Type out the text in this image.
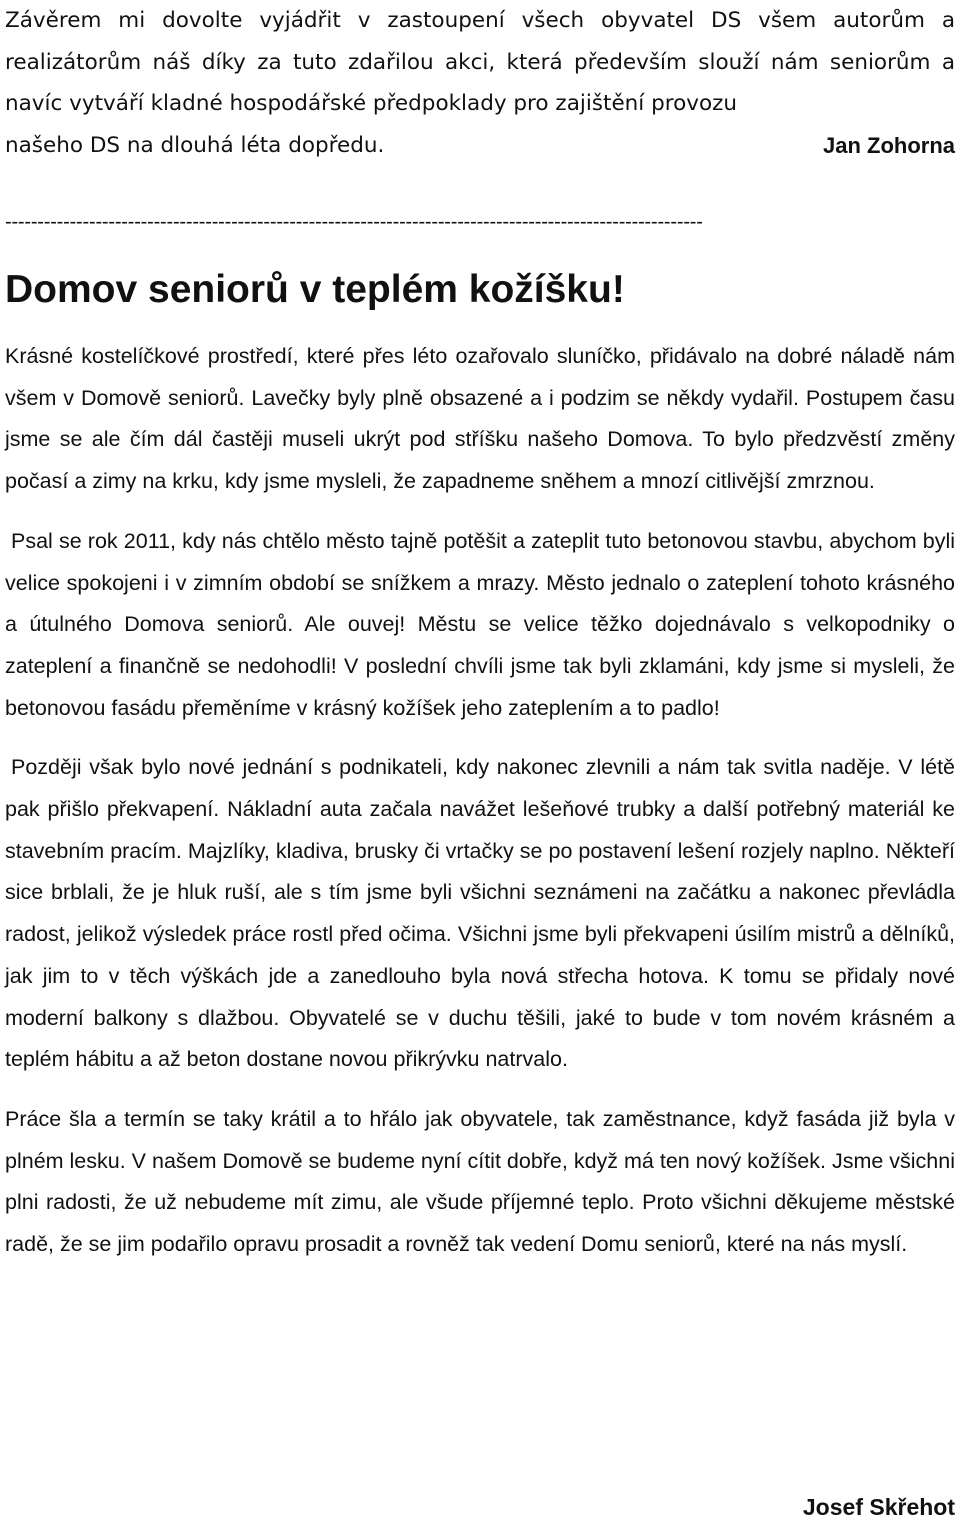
Závěrem mi dovolte vyjádřit v zastoupení všech obyvatel DS všem autorům a realizátorům náš díky za tuto zdařilou akci, která především slouží nám seniorům a navíc vytváří kladné hospodářské předpoklady pro zajištění provozu

našeho DS na dlouhá léta dopředu.	Jan Zohorna
------------------------------------------------------------------------------------------------------------
Domov seniorů v teplém kožíšku!

Krásné kostelíčkové prostředí, které přes léto ozařovalo sluníčko, přidávalo na dobré náladě nám všem v Domově seniorů. Lavečky byly plně obsazené a i podzim se někdy vydařil. Postupem času jsme se ale čím dál častěji museli ukrýt pod stříšku našeho Domova. To bylo předzvěstí změny počasí a zimy na krku, kdy jsme mysleli, že zapadneme sněhem a mnozí citlivější zmrznou.

Psal se rok 2011, kdy nás chtělo město tajně potěšit a zateplit tuto betonovou stavbu, abychom byli velice spokojeni i v zimním období se snížkem a mrazy. Město jednalo o zateplení tohoto krásného a útulného Domova seniorů. Ale ouvej! Městu se velice těžko dojednávalo s velkopodniky o zateplení a finančně se nedohodli! V poslední chvíli jsme tak byli zklamáni, kdy jsme si mysleli, že betonovou fasádu přeměníme v krásný kožíšek jeho zateplením a to padlo!

Později však bylo nové jednání s podnikateli, kdy nakonec zlevnili a nám tak svitla naděje. V létě pak přišlo překvapení. Nákladní auta začala navážet lešeňové trubky a další potřebný materiál ke stavebním pracím. Majzlíky, kladiva, brusky či vrtačky se po postavení lešení rozjely naplno. Někteří sice brblali, že je hluk ruší, ale s tím jsme byli všichni seznámeni na začátku a nakonec převládla radost, jelikož výsledek práce rostl před očima. Všichni jsme byli překvapeni úsilím mistrů a dělníků, jak jim to v těch výškách jde a zanedlouho byla nová střecha hotova. K tomu se přidaly nové moderní balkony s dlažbou. Obyvatelé se v duchu těšili, jaké to bude v tom novém krásném a teplém hábitu a až beton dostane novou přikrývku natrvalo.

Práce šla a termín se taky krátil a to hřálo jak obyvatele, tak zaměstnance, když fasáda již byla v plném lesku. V našem Domově se budeme nyní cítit dobře, když má ten nový kožíšek. Jsme všichni plni radosti, že už nebudeme mít zimu, ale všude příjemné teplo. Proto všichni děkujeme městské radě, že se jim podařilo opravu prosadit a rovněž tak vedení Domu seniorů, které na nás myslí.

Josef Skřehot
